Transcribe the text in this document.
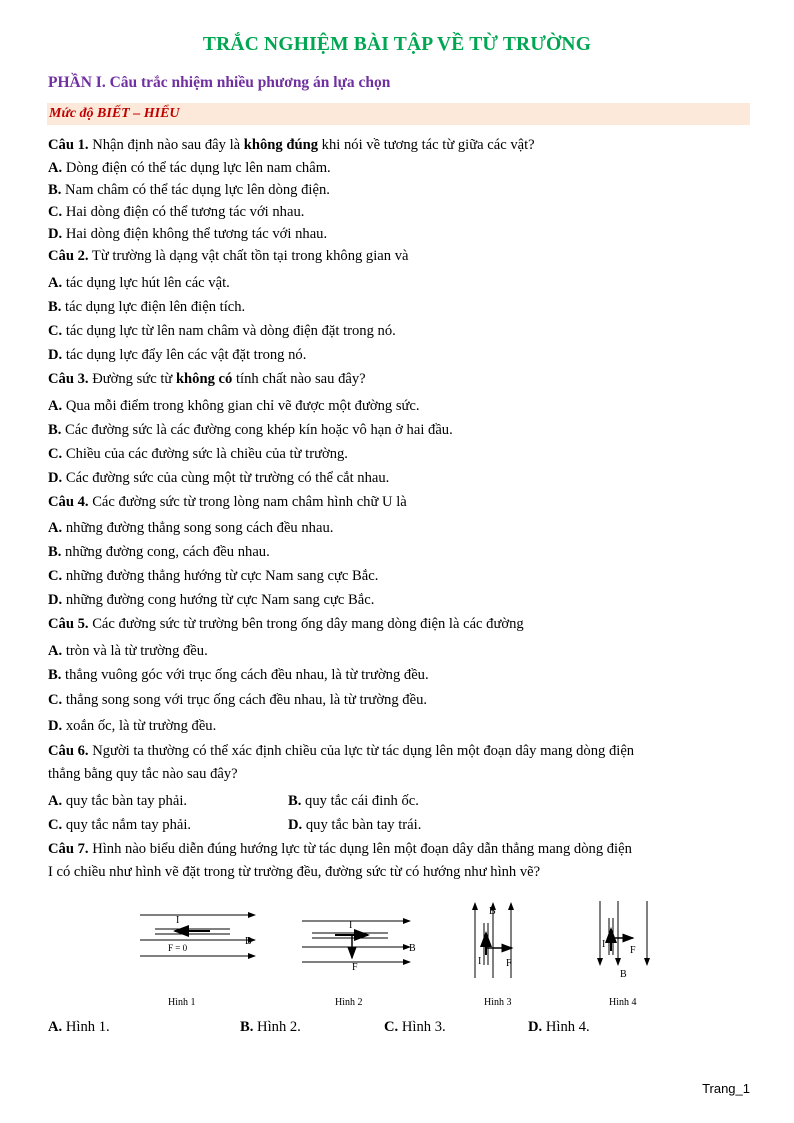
TRẮC NGHIỆM BÀI TẬP VỀ TỪ TRƯỜNG
PHẦN I. Câu trắc nhiệm nhiều phương án lựa chọn
Mức độ BIẾT – HIỂU
Câu 1. Nhận định nào sau đây là không đúng khi nói về tương tác từ giữa các vật?
A. Dòng điện có thể tác dụng lực lên nam châm.
B. Nam châm có thể tác dụng lực lên dòng điện.
C. Hai dòng điện có thể tương tác với nhau.
D. Hai dòng điện không thể tương tác với nhau.
Câu 2. Từ trường là dạng vật chất tồn tại trong không gian và
A. tác dụng lực hút lên các vật.
B. tác dụng lực điện lên điện tích.
C. tác dụng lực từ lên nam châm và dòng điện đặt trong nó.
D. tác dụng lực đẩy lên các vật đặt trong nó.
Câu 3. Đường sức từ không có tính chất nào sau đây?
A. Qua mỗi điểm trong không gian chỉ vẽ được một đường sức.
B. Các đường sức là các đường cong khép kín hoặc vô hạn ở hai đầu.
C. Chiều của các đường sức là chiều của từ trường.
D. Các đường sức của cùng một từ trường có thể cắt nhau.
Câu 4. Các đường sức từ trong lòng nam châm hình chữ U là
A. những đường thẳng song song cách đều nhau.
B. những đường cong, cách đều nhau.
C. những đường thẳng hướng từ cực Nam sang cực Bắc.
D. những đường cong hướng từ cực Nam sang cực Bắc.
Câu 5. Các đường sức từ trường bên trong ống dây mang dòng điện là các đường
A. tròn và là từ trường đều.
B. thẳng vuông góc với trục ống cách đều nhau, là từ trường đều.
C. thẳng song song với trục ống cách đều nhau, là từ trường đều.
D. xoắn ốc, là từ trường đều.
Câu 6. Người ta thường có thể xác định chiều của lực từ tác dụng lên một đoạn dây mang dòng điện
thẳng bằng quy tắc nào sau đây?
A. quy tắc bàn tay phải.	B. quy tắc cái đinh ốc.
C. quy tắc nắm tay phải.	D. quy tắc bàn tay trái.
Câu 7. Hình nào biểu diễn đúng hướng lực từ tác dụng lên một đoạn dây dẫn thẳng mang dòng điện
I có chiều như hình vẽ đặt trong từ trường đều, đường sức từ có hướng như hình vẽ?
I
F = 0
B
I
F
B
B
I F
I
F
B
Hình 1	Hình 2	Hình 3	Hình 4
A. Hình 1.	B. Hình 2.	C. Hình 3.	D. Hình 4.
Trang_1
